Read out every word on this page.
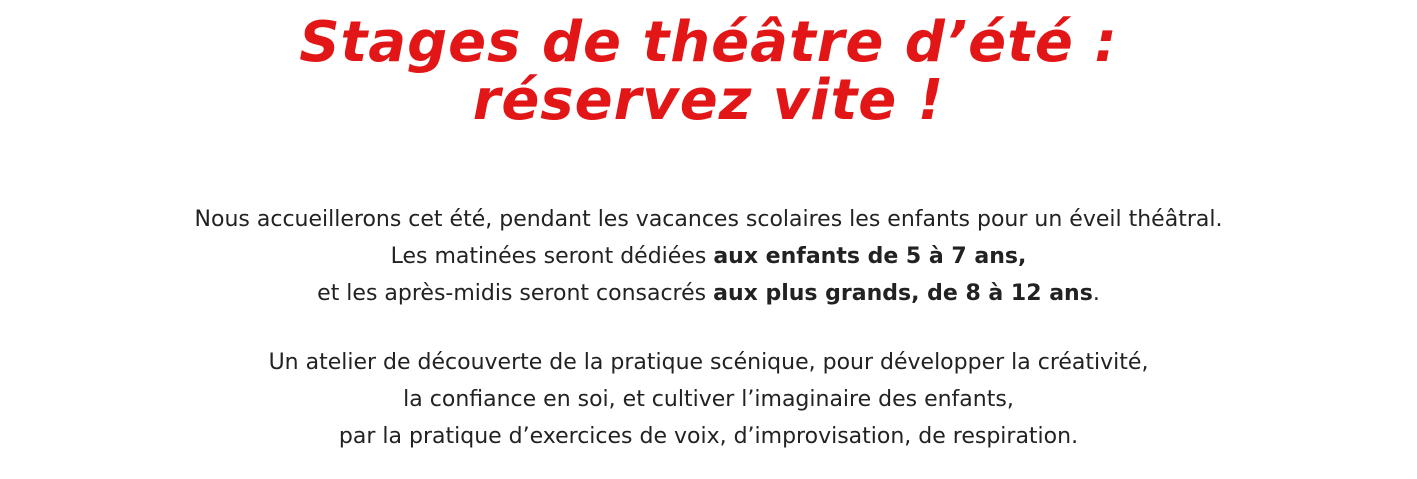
Stages de théâtre d’été :
réservez vite !

Nous accueillerons cet été, pendant les vacances scolaires les enfants pour un éveil théâtral.
Les matinées seront dédiées aux enfants de 5 à 7 ans,
et les après-midis seront consacrés aux plus grands, de 8 à 12 ans.

Un atelier de découverte de la pratique scénique, pour développer la créativité,
la confiance en soi, et cultiver l’imaginaire des enfants,
par la pratique d’exercices de voix, d’improvisation, de respiration.
